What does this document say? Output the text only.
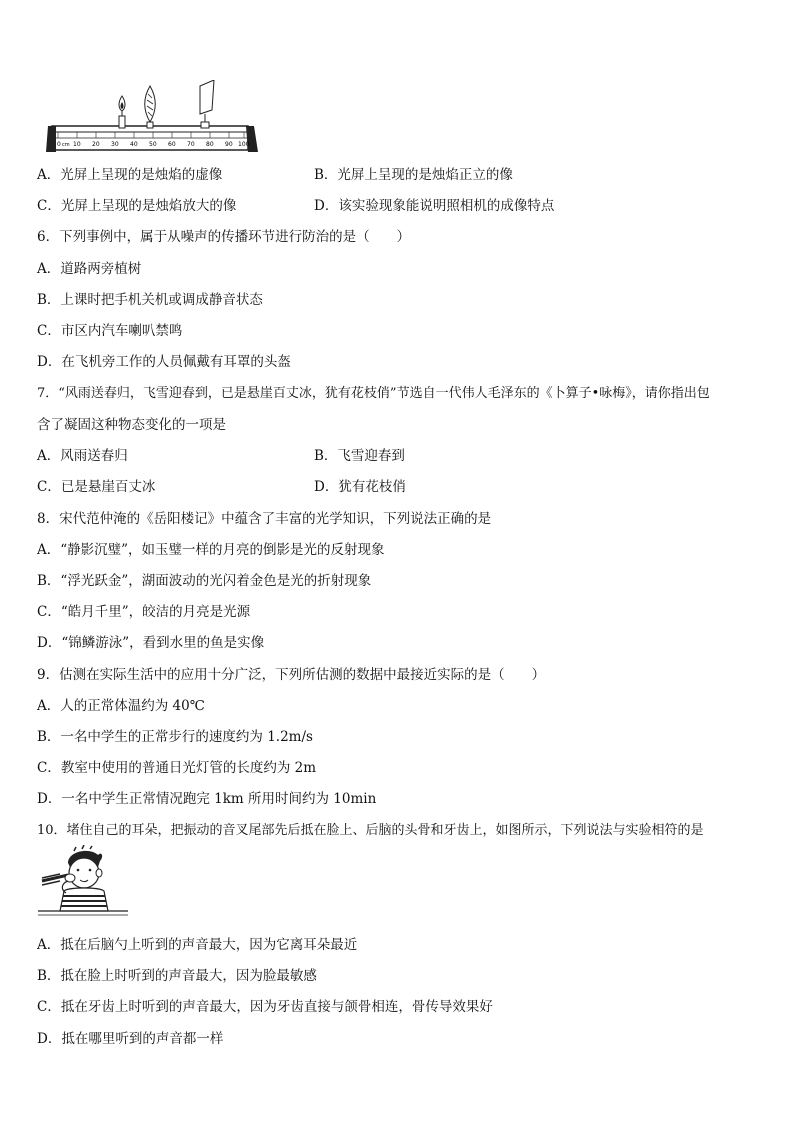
0 cm 10 20 30 40 50 60 70 80 90 100
A．光屏上呈现的是烛焰的虚像	B．光屏上呈现的是烛焰正立的像
C．光屏上呈现的是烛焰放大的像	D．该实验现象能说明照相机的成像特点
6．下列事例中，属于从噪声的传播环节进行防治的是（　　）
A．道路两旁植树
B．上课时把手机关机或调成静音状态
C．市区内汽车喇叭禁鸣
D．在飞机旁工作的人员佩戴有耳罩的头盔
7．“风雨送春归，飞雪迎春到，已是悬崖百丈冰，犹有花枝俏”节选自一代伟人毛泽东的《卜算子•咏梅》，请你指出包
含了凝固这种物态变化的一项是
A．风雨送春归	B．飞雪迎春到
C．已是悬崖百丈冰	D．犹有花枝俏
8．宋代范仲淹的《岳阳楼记》中蕴含了丰富的光学知识，下列说法正确的是
A．“静影沉璧”，如玉璧一样的月亮的倒影是光的反射现象
B．“浮光跃金”，湖面波动的光闪着金色是光的折射现象
C．“皓月千里”，皎洁的月亮是光源
D．“锦鳞游泳”，看到水里的鱼是实像
9．估测在实际生活中的应用十分广泛，下列所估测的数据中最接近实际的是（　　）
A．人的正常体温约为 40℃
B．一名中学生的正常步行的速度约为 1.2m/s
C．教室中使用的普通日光灯管的长度约为 2m
D．一名中学生正常情况跑完 1km 所用时间约为 10min
10．堵住自己的耳朵，把振动的音叉尾部先后抵在脸上、后脑的头骨和牙齿上，如图所示，下列说法与实验相符的是
A．抵在后脑勺上听到的声音最大，因为它离耳朵最近
B．抵在脸上时听到的声音最大，因为脸最敏感
C．抵在牙齿上时听到的声音最大，因为牙齿直接与颌骨相连，骨传导效果好
D．抵在哪里听到的声音都一样
